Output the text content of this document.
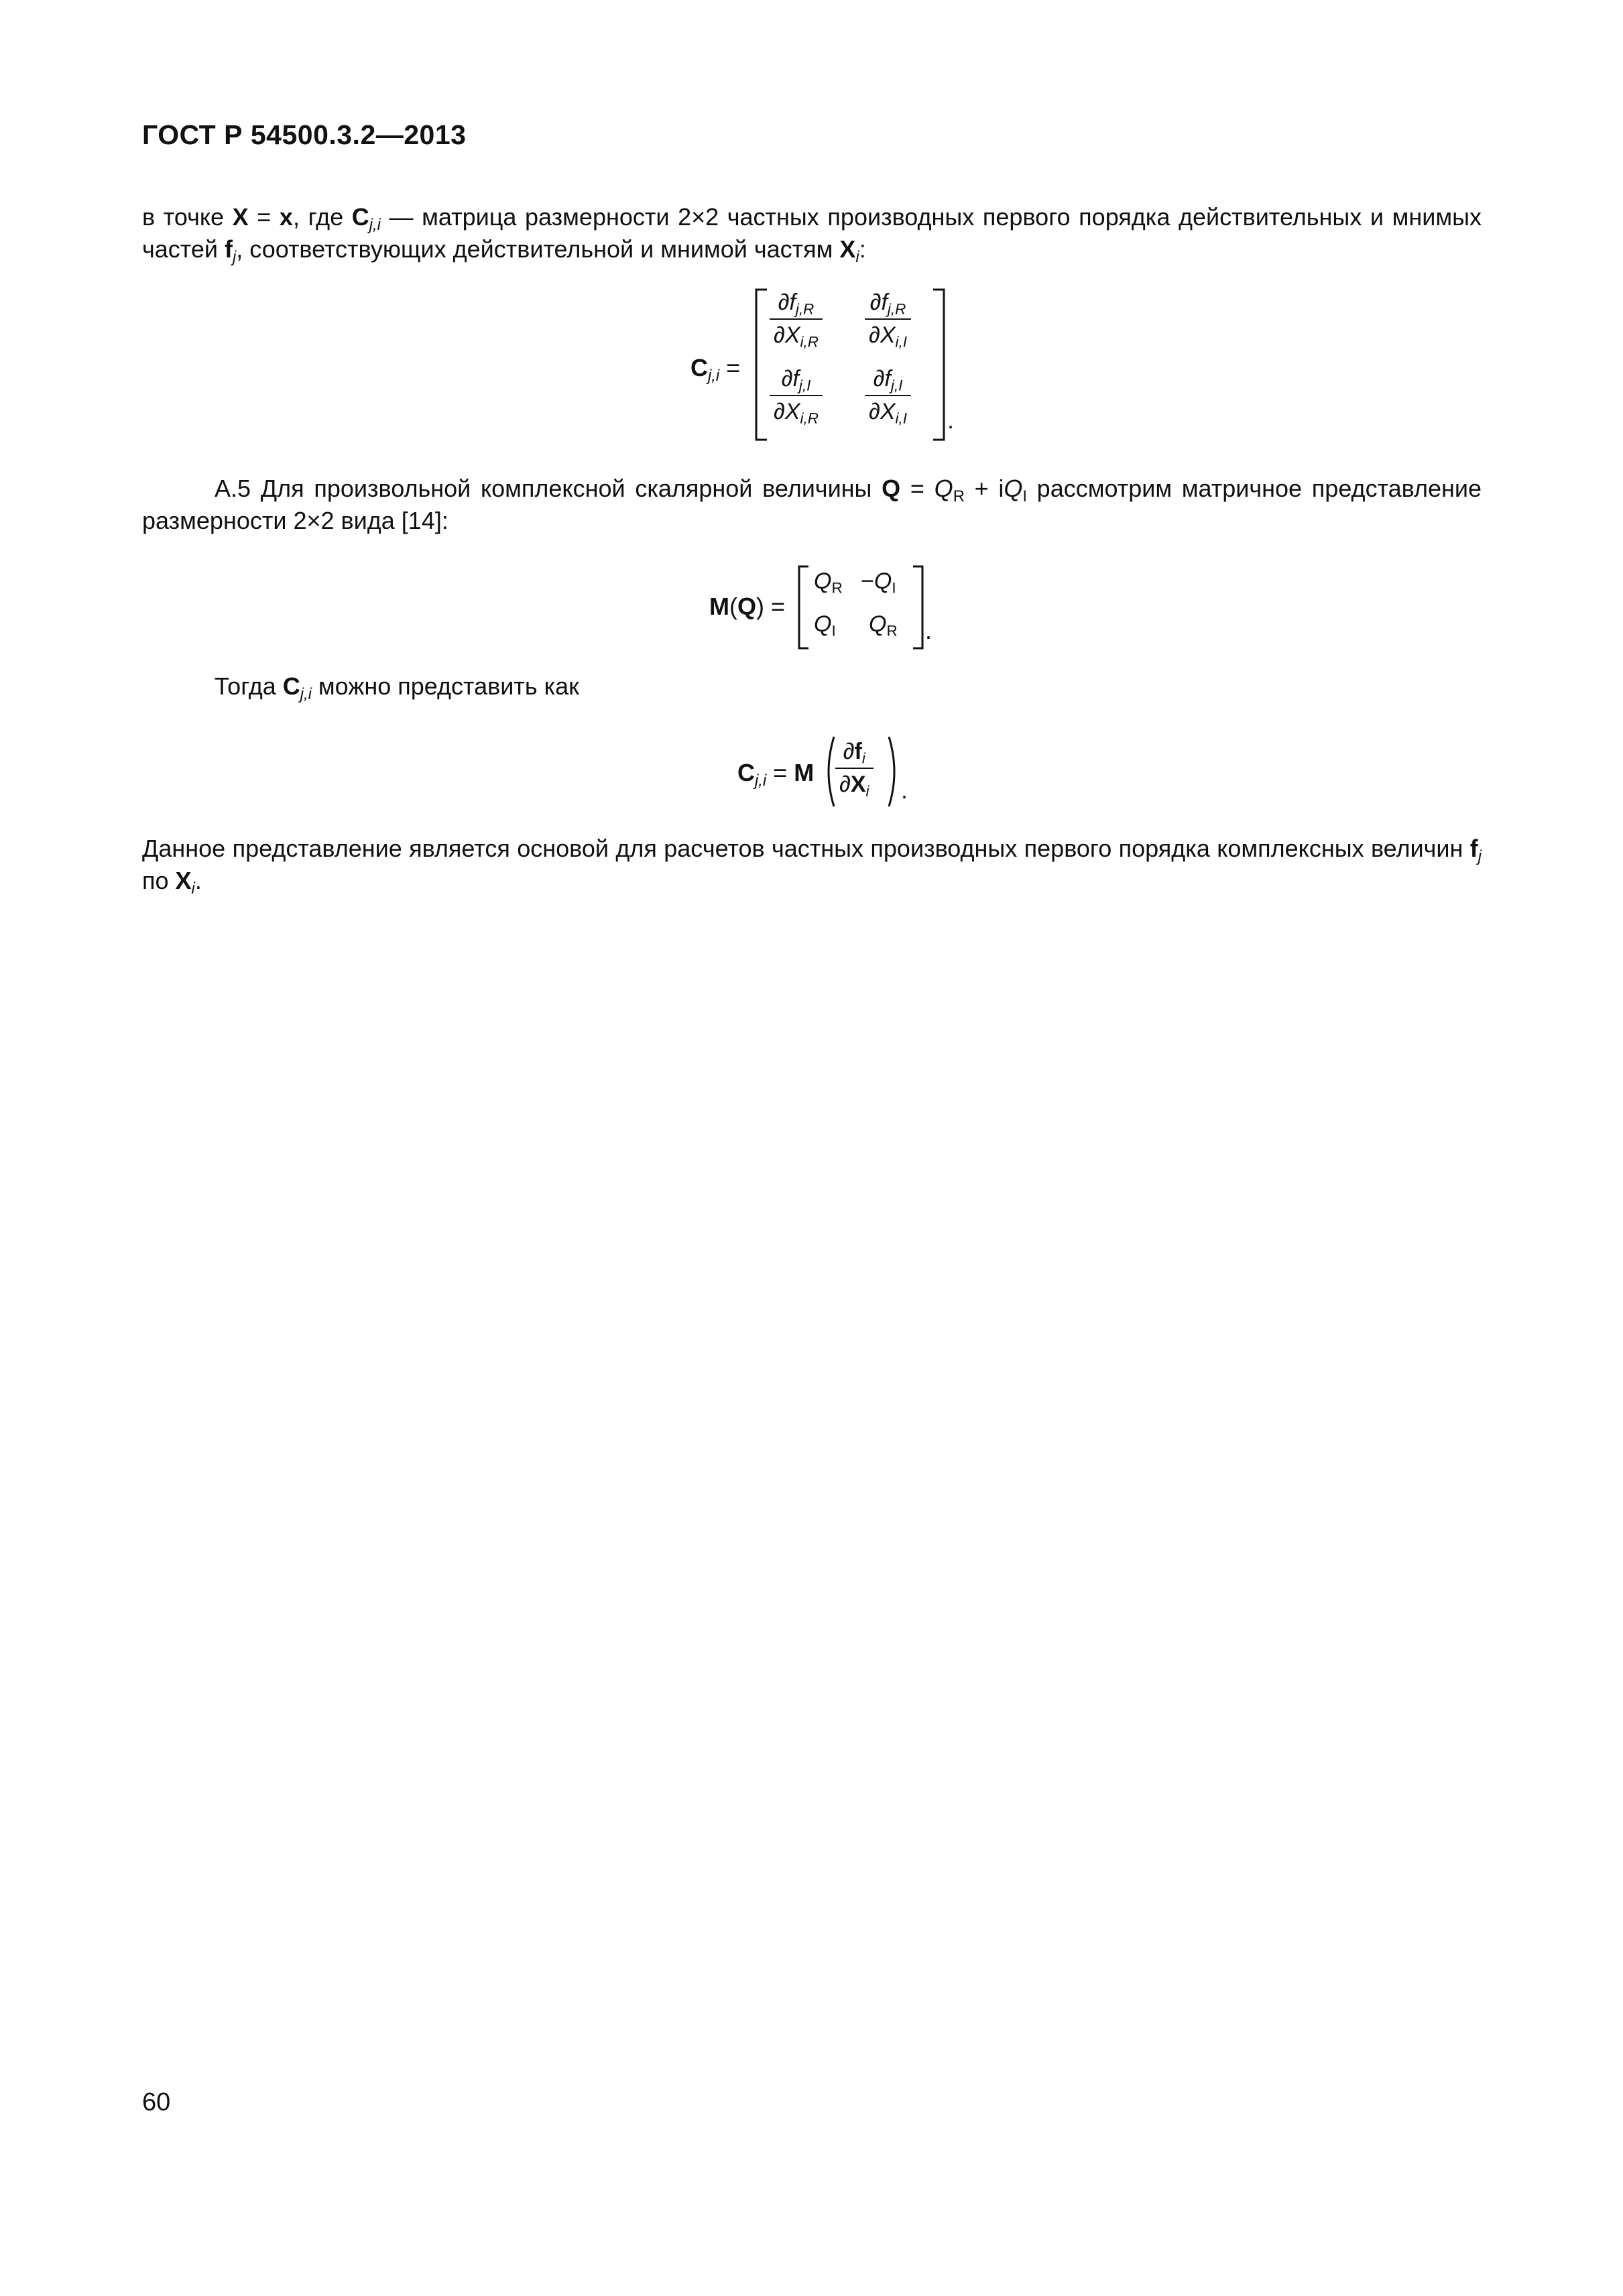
ГОСТ Р 54500.3.2—2013
в точке X = x, где $C_{j,i}$ — матрица размерности 2×2 частных производных первого порядка действительных и мнимых частей $f_j$, соответствующих действительной и мнимой частям $X_i$:
$C_{j,i}$ =
.
$\partial f_{j,R}$
$\partial X_{i,R}$
$\partial f_{j,R}$
$\partial X_{i,I}$
$\partial f_{j,I}$
$\partial X_{i,R}$
$\partial f_{j,I}$
$\partial X_{i,I}$
А.5 Для произвольной комплексной скалярной величины $Q = Q_R + iQ_I$ рассмотрим матричное представление размерности 2×2 вида [14]:
M(Q) =
$Q_R -Q_I$
$Q_I$ $Q_R$ .
Тогда $C_{j,i}$ можно представить как
$C_{j,i} = M$
$\partial f_i$
$\partial X_i$ .
Данное представление является основой для расчетов частных производных первого порядка комплексных величин $f_j$ по $X_i$.
60
